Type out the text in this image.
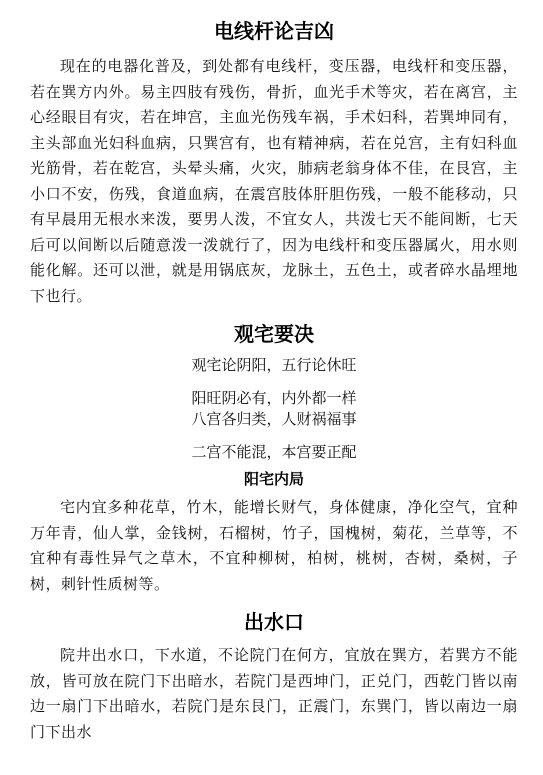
电线杆论吉凶

现在的电器化普及，到处都有电线杆，变压器，电线杆和变压器，若在巽方内外。易主四肢有残伤，骨折，血光手术等灾，若在离宫，主心经眼目有灾，若在坤宫，主血光伤残车祸，手术妇科，若巽坤同有，主头部血光妇科血病，只巽宫有，也有精神病，若在兑宫，主有妇科血光筋骨，若在乾宫，头晕头痛，火灾，肺病老翁身体不佳，在艮宫，主小口不安，伤残，食道血病，在震宫肢体肝胆伤残，一般不能移动，只有早晨用无根水来泼，要男人泼，不宜女人，共泼七天不能间断，七天后可以间断以后随意泼一泼就行了，因为电线杆和变压器属火，用水则能化解。还可以泄，就是用锅底灰，龙脉土，五色土，或者碎水晶埋地下也行。

观宅要决
观宅论阴阳，五行论休旺
阳旺阴必有，内外都一样
八宫各归类，人财祸福事
二宫不能混，本宫要正配
阳宅内局

宅内宜多种花草，竹木，能增长财气，身体健康，净化空气，宜种万年青，仙人掌，金钱树，石榴树，竹子，国槐树，菊花，兰草等，不宜种有毒性异气之草木，不宜种柳树，柏树，桃树，杏树，桑树，子树，刺针性质树等。

出水口

院井出水口，下水道，不论院门在何方，宜放在巽方，若巽方不能放，皆可放在院门下出暗水，若院门是西坤门，正兑门，西乾门皆以南边一扇门下出暗水，若院门是东艮门，正震门，东巽门，皆以南边一扇门下出水
